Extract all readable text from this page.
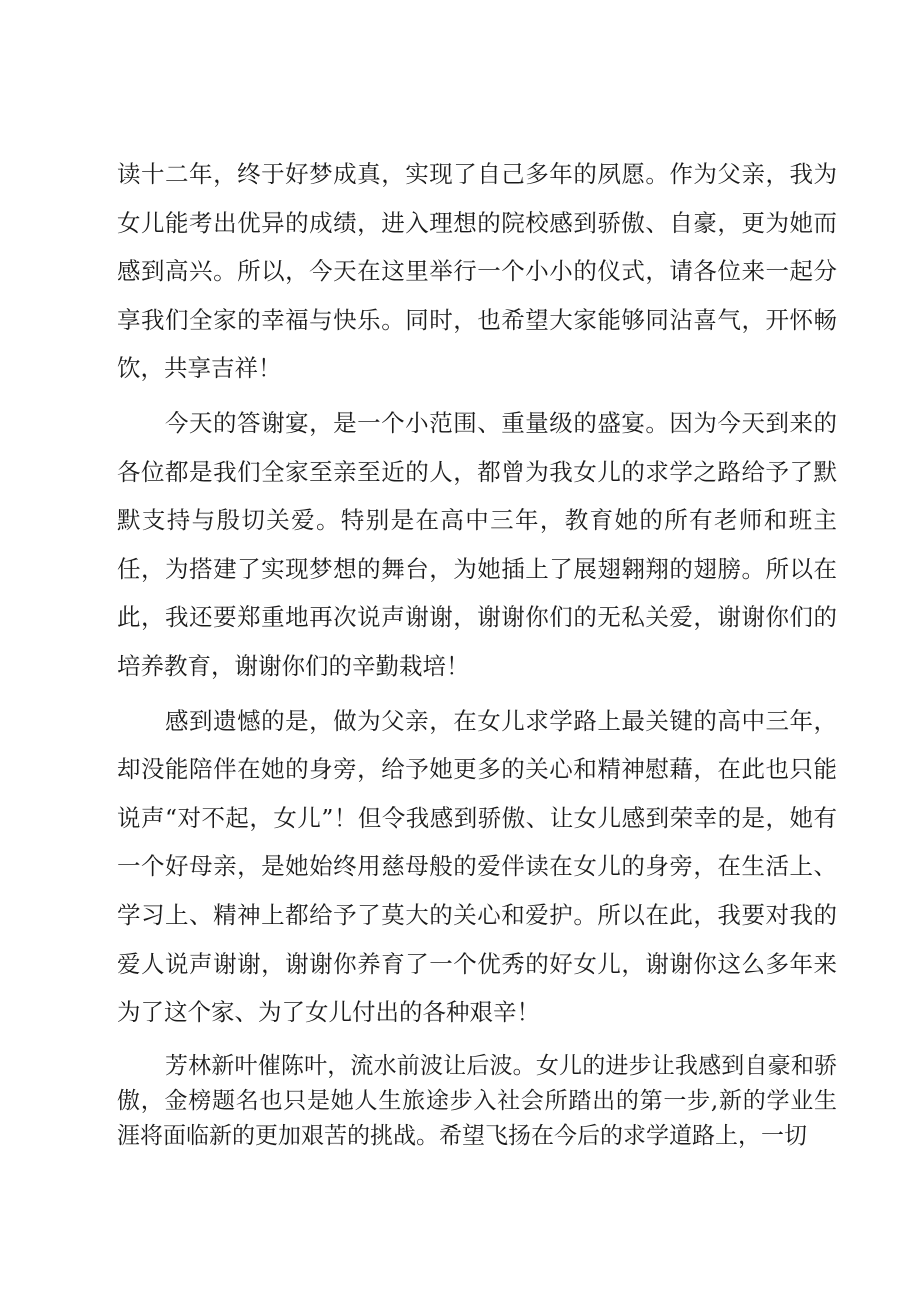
读十二年，终于好梦成真，实现了自己多年的夙愿。作为父亲，我为女儿能考出优异的成绩，进入理想的院校感到骄傲、自豪，更为她而感到高兴。所以，今天在这里举行一个小小的仪式，请各位来一起分享我们全家的幸福与快乐。同时，也希望大家能够同沾喜气，开怀畅饮，共享吉祥！

今天的答谢宴，是一个小范围、重量级的盛宴。因为今天到来的各位都是我们全家至亲至近的人，都曾为我女儿的求学之路给予了默默支持与殷切关爱。特别是在高中三年，教育她的所有老师和班主任，为搭建了实现梦想的舞台，为她插上了展翅翱翔的翅膀。所以在此，我还要郑重地再次说声谢谢，谢谢你们的无私关爱，谢谢你们的培养教育，谢谢你们的辛勤栽培！

感到遗憾的是，做为父亲，在女儿求学路上最关键的高中三年，却没能陪伴在她的身旁，给予她更多的关心和精神慰藉，在此也只能说声“对不起，女儿”！但令我感到骄傲、让女儿感到荣幸的是，她有一个好母亲，是她始终用慈母般的爱伴读在女儿的身旁，在生活上、学习上、精神上都给予了莫大的关心和爱护。所以在此，我要对我的爱人说声谢谢，谢谢你养育了一个优秀的好女儿，谢谢你这么多年来为了这个家、为了女儿付出的各种艰辛！

芳林新叶催陈叶，流水前波让后波。女儿的进步让我感到自豪和骄傲，金榜题名也只是她人生旅途步入社会所踏出的第一步,新的学业生涯将面临新的更加艰苦的挑战。希望飞扬在今后的求学道路上，一切
